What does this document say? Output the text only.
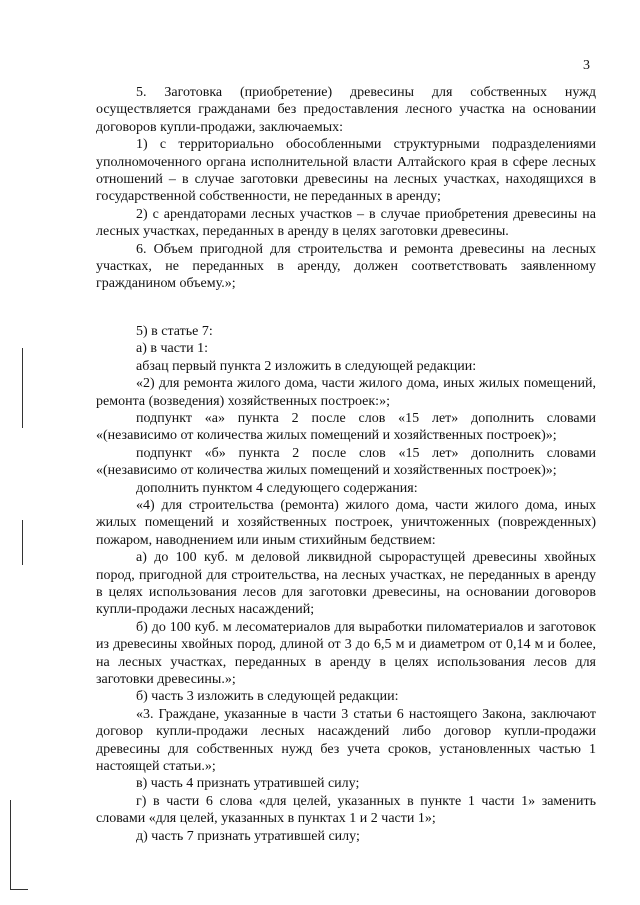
3

5. Заготовка (приобретение) древесины для собственных нужд осуществляется гражданами без предоставления лесного участка на основании договоров купли-продажи, заключаемых:

1) с территориально обособленными структурными подразделениями уполномоченного органа исполнительной власти Алтайского края в сфере лесных отношений – в случае заготовки древесины на лесных участках, находящихся в государственной собственности, не переданных в аренду;

2) с арендаторами лесных участков – в случае приобретения древесины на лесных участках, переданных в аренду в целях заготовки древесины.

6. Объем пригодной для строительства и ремонта древесины на лесных участках, не переданных в аренду, должен соответствовать заявленному гражданином объему.»;

5) в статье 7:

а) в части 1:

абзац первый пункта 2 изложить в следующей редакции:

«2) для ремонта жилого дома, части жилого дома, иных жилых помещений, ремонта (возведения) хозяйственных построек:»;

подпункт «а» пункта 2 после слов «15 лет» дополнить словами «(независимо от количества жилых помещений и хозяйственных построек)»;

подпункт «б» пункта 2 после слов «15 лет» дополнить словами «(независимо от количества жилых помещений и хозяйственных построек)»;

дополнить пунктом 4 следующего содержания:

«4) для строительства (ремонта) жилого дома, части жилого дома, иных жилых помещений и хозяйственных построек, уничтоженных (поврежденных) пожаром, наводнением или иным стихийным бедствием:

а) до 100 куб. м деловой ликвидной сырорастущей древесины хвойных пород, пригодной для строительства, на лесных участках, не переданных в аренду в целях использования лесов для заготовки древесины, на основании договоров купли-продажи лесных насаждений;

б) до 100 куб. м лесоматериалов для выработки пиломатериалов и заготовок из древесины хвойных пород, длиной от 3 до 6,5 м и диаметром от 0,14 м и более, на лесных участках, переданных в аренду в целях использования лесов для заготовки древесины.»;

б) часть 3 изложить в следующей редакции:

«3. Граждане, указанные в части 3 статьи 6 настоящего Закона, заключают договор купли-продажи лесных насаждений либо договор купли-продажи древесины для собственных нужд без учета сроков, установленных частью 1 настоящей статьи.»;

в) часть 4 признать утратившей силу;

г) в части 6 слова «для целей, указанных в пункте 1 части 1» заменить словами «для целей, указанных в пунктах 1 и 2 части 1»;

д) часть 7 признать утратившей силу;
